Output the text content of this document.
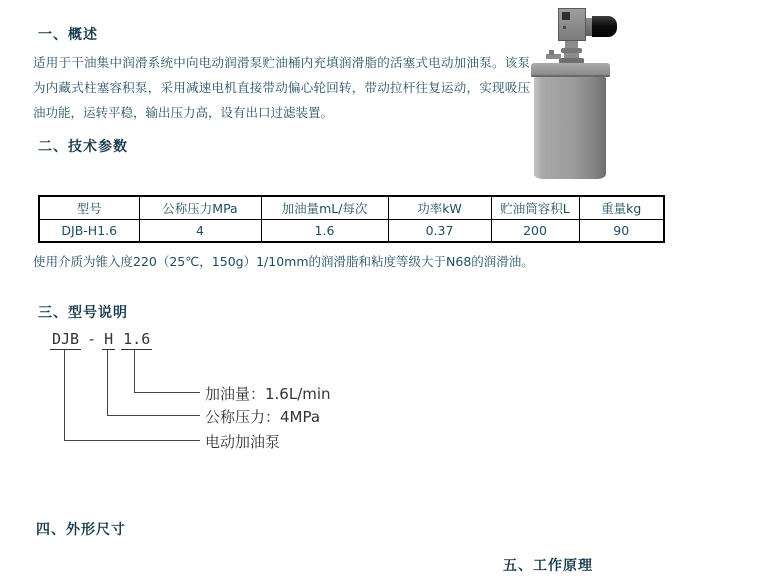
一、概述
适用于干油集中润滑系统中向电动润滑泵贮油桶内充填润滑脂的活塞式电动加油泵。该泵为内藏式柱塞容积泵，采用减速电机直接带动偏心轮回转，带动拉杆往复运动，实现吸压油功能，运转平稳，输出压力高，设有出口过滤装置。
二、技术参数
型号	公称压力MPa	加油量mL/每次	功率kW	贮油筒容积L	重量kg
DJB-H1.6	4	1.6	0.37	200	90
使用介质为锥入度220（25℃，150g）1/10mm的润滑脂和粘度等级大于N68的润滑油。
三、型号说明
DJB - H 1.6
加油量：1.6L/min
公称压力：4MPa
电动加油泵
四、外形尺寸
五、工作原理
